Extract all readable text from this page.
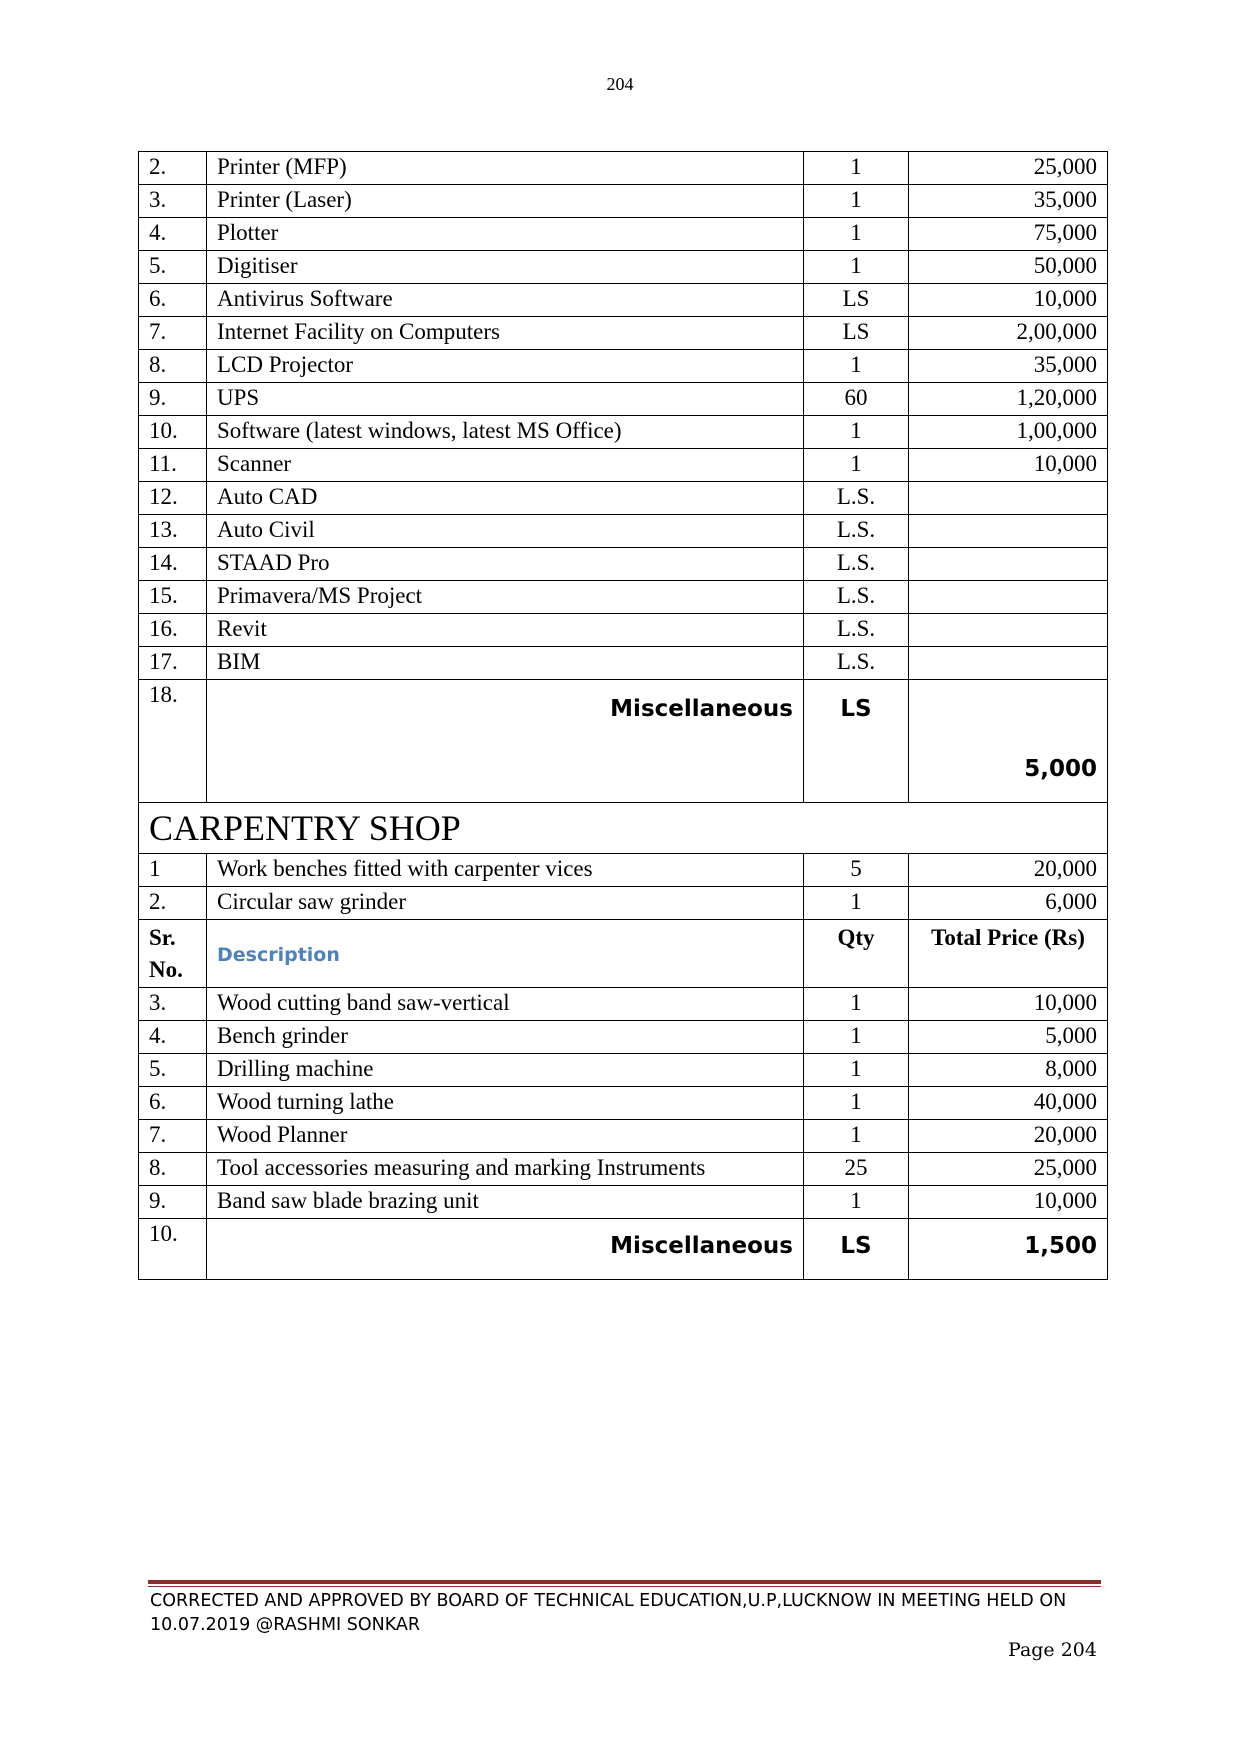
204
2.	Printer (MFP)	1	25,000
3.	Printer (Laser)	1	35,000
4.	Plotter	1	75,000
5.	Digitiser	1	50,000
6.	Antivirus Software	LS	10,000
7.	Internet Facility on Computers	LS	2,00,000
8.	LCD Projector	1	35,000
9.	UPS	60	1,20,000
10.	Software (latest windows, latest MS Office)	1	1,00,000
11.	Scanner	1	10,000
12.	Auto CAD	L.S.	
13.	Auto Civil	L.S.	
14.	STAAD Pro	L.S.	
15.	Primavera/MS Project	L.S.	
16.	Revit	L.S.	
17.	BIM	L.S.	
18.	Miscellaneous	LS	5,000
CARPENTRY SHOP			
1	Work benches fitted with carpenter vices	5	20,000
2.	Circular saw grinder	1	6,000
Sr. No.	Description	Qty	Total Price (Rs)
3.	Wood cutting band saw-vertical	1	10,000
4.	Bench grinder	1	5,000
5.	Drilling machine	1	8,000
6.	Wood turning lathe	1	40,000
7.	Wood Planner	1	20,000
8.	Tool accessories measuring and marking Instruments	25	25,000
9.	Band saw blade brazing unit	1	10,000
10.	Miscellaneous	LS	1,500
CORRECTED AND APPROVED BY BOARD OF TECHNICAL EDUCATION,U.P,LUCKNOW IN MEETING HELD ON 10.07.2019 @RASHMI SONKAR
Page 204
